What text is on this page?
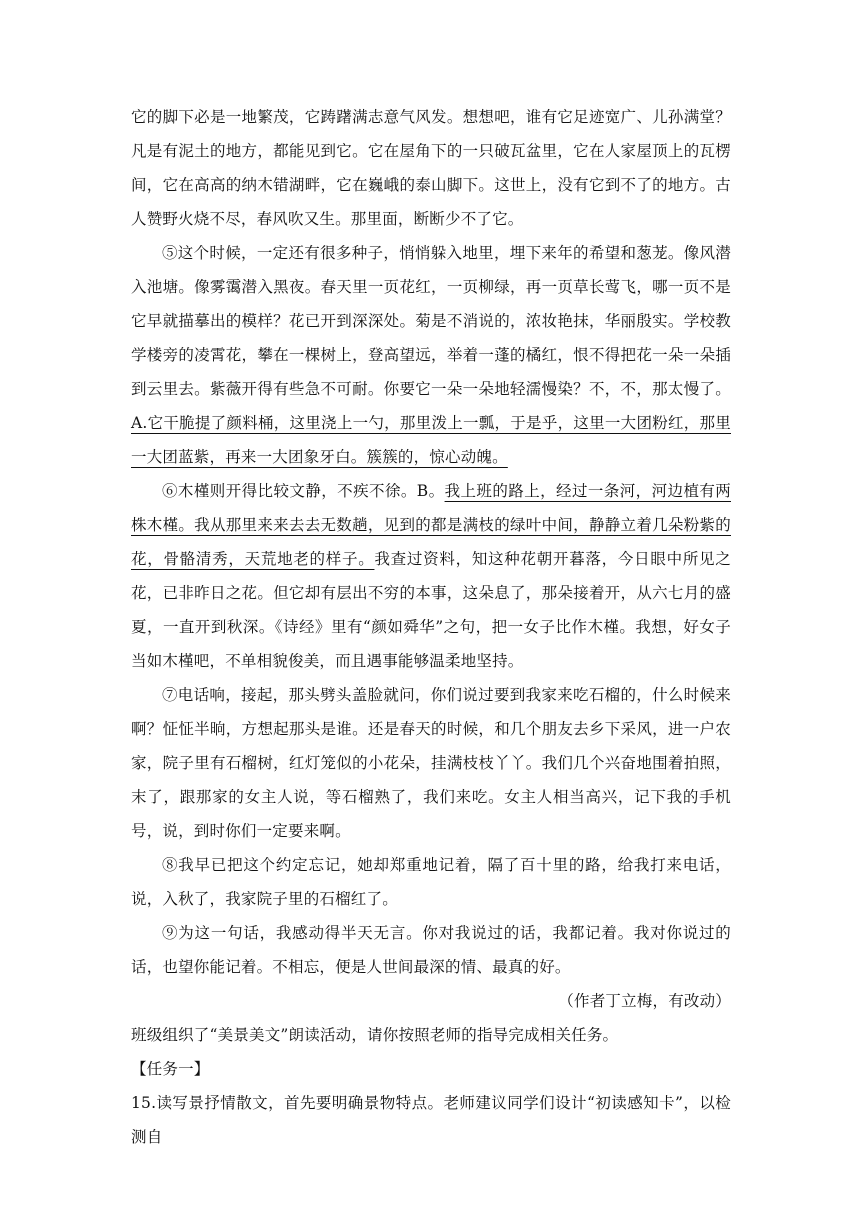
它的脚下必是一地繁茂，它踌躇满志意气风发。想想吧，谁有它足迹宽广、儿孙满堂？凡是有泥土的地方，都能见到它。它在屋角下的一只破瓦盆里，它在人家屋顶上的瓦楞间，它在高高的纳木错湖畔，它在巍峨的泰山脚下。这世上，没有它到不了的地方。古人赞野火烧不尽，春风吹又生。那里面，断断少不了它。

⑤这个时候，一定还有很多种子，悄悄躲入地里，埋下来年的希望和葱茏。像风潜入池塘。像雾霭潜入黑夜。春天里一页花红，一页柳绿，再一页草长莺飞，哪一页不是它早就描摹出的模样？花已开到深深处。菊是不消说的，浓妆艳抹，华丽殷实。学校教学楼旁的凌霄花，攀在一棵树上，登高望远，举着一蓬的橘红，恨不得把花一朵一朵插到云里去。紫薇开得有些急不可耐。你要它一朵一朵地轻濡慢染？不，不，那太慢了。A.它干脆提了颜料桶，这里浇上一勺，那里泼上一瓢，于是乎，这里一大团粉红，那里一大团蓝紫，再来一大团象牙白。簇簇的，惊心动魄。

⑥木槿则开得比较文静，不疾不徐。B。我上班的路上，经过一条河，河边植有两株木槿。我从那里来来去去无数趟，见到的都是满枝的绿叶中间，静静立着几朵粉紫的花，骨骼清秀，天荒地老的样子。我查过资料，知这种花朝开暮落，今日眼中所见之花，已非昨日之花。但它却有层出不穷的本事，这朵息了，那朵接着开，从六七月的盛夏，一直开到秋深。《诗经》里有“颜如舜华”之句，把一女子比作木槿。我想，好女子当如木槿吧，不单相貌俊美，而且遇事能够温柔地坚持。

⑦电话响，接起，那头劈头盖脸就问，你们说过要到我家来吃石榴的，什么时候来啊？怔怔半晌，方想起那头是谁。还是春天的时候，和几个朋友去乡下采风，进一户农家，院子里有石榴树，红灯笼似的小花朵，挂满枝枝丫丫。我们几个兴奋地围着拍照，末了，跟那家的女主人说，等石榴熟了，我们来吃。女主人相当高兴，记下我的手机号，说，到时你们一定要来啊。

⑧我早已把这个约定忘记，她却郑重地记着，隔了百十里的路，给我打来电话，说，入秋了，我家院子里的石榴红了。

⑨为这一句话，我感动得半天无言。你对我说过的话，我都记着。我对你说过的话，也望你能记着。不相忘，便是人世间最深的情、最真的好。

（作者丁立梅，有改动）

班级组织了“美景美文”朗读活动，请你按照老师的指导完成相关任务。

【任务一】

15.读写景抒情散文，首先要明确景物特点。老师建议同学们设计“初读感知卡”，以检测自
